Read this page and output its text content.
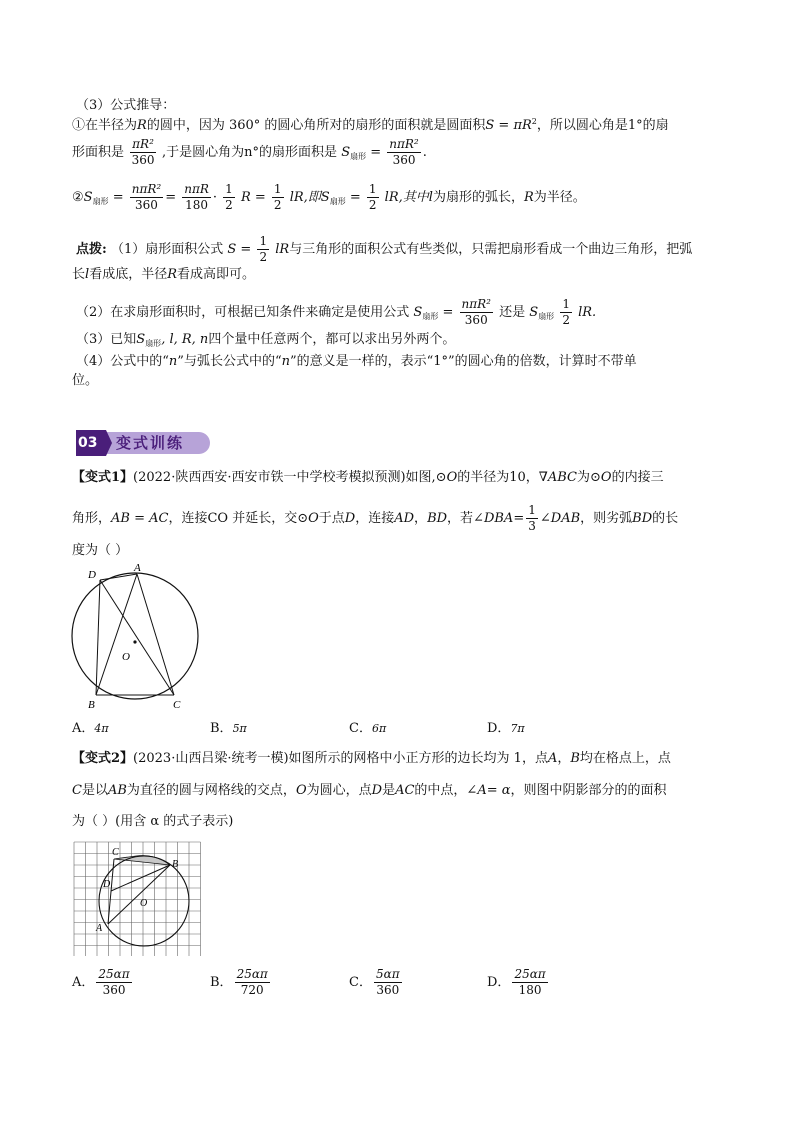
（3）公式推导：
①在半径为R的圆中，因为 360° 的圆心角所对的扇形的面积就是圆面积$S = \pi R^2$，所以圆心角是1°的扇
形面积是 $\frac{\text{πR²}}{360}$ ,于是圆心角为n°的扇形面积是 $S_{扇形} = \frac{\text{nπR²}}{360}$ .
$②S_{扇形} = \frac{\text{nπR²}}{360} = \frac{\text{nπR}}{180} \cdot \frac{1}{2}$ $R = \frac{1}{2}$ lR,即$S_{扇形} = \frac{1}{2}$ lR,其中l为扇形的弧长，R为半径。
点拨: （1）扇形面积公式 $S = \frac{1}{2}$ lR与三角形的面积公式有些类似，只需把扇形看成一个曲边三角形，把弧
长l看成底，半径R看成高即可。
（2）在求扇形面积时，可根据已知条件来确定是使用公式 $S_{扇形} = \frac{\text{nπR²}}{360}$ 还是 $S_{扇形} \frac{1}{2}$ lR.
（3）已知$S_{扇形}$, l, R, n四个量中任意两个，都可以求出另外两个。
（4）公式中的“n”与弧长公式中的“n”的意义是一样的，表示“1°”的圆心角的倍数，计算时不带单
位。
03 变式训练
【变式1】(2022·陕西西安·西安市铁一中学校考模拟预测)如图,⊙O的半径为10，∇ABC为⊙O的内接三
角形，AB = AC，连接CO 并延长，交⊙O于点D，连接AD，BD，若∠DBA= $\frac{1}{3}$ ∠DAB，则劣弧BD的长
度为（ ）
A
D
O
B	C
A．4π	B．5π	C．6π	D．7π
【变式2】(2023·山西吕梁·统考一模)如图所示的网格中小正方形的边长均为 1，点A，B均在格点上，点
C是以AB为直径的圆与网格线的交点，O为圆心，点D是AC的中点，∠A= α，则图中阴影部分的的面积
为（ ）(用含 α 的式子表示)
C
B
D
O
A
A． $\frac{25\alpha\pi}{360}$	B． $\frac{25\alpha\pi}{720}$	C． $\frac{5\alpha\pi}{360}$	D． $\frac{25\alpha\pi}{180}$
